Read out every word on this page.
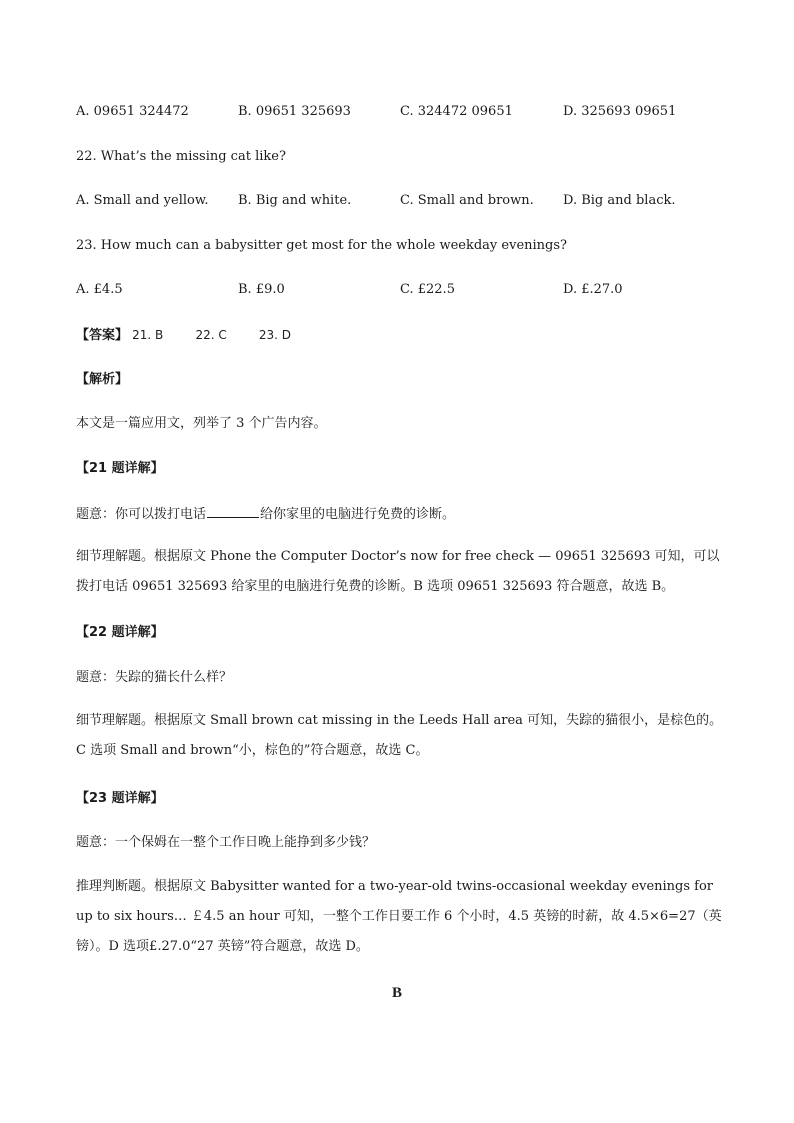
A. 09651 324472	B. 09651 325693	C. 324472 09651	D. 325693 09651
22. What’s the missing cat like?
A. Small and yellow. B. Big and white.	C. Small and brown. D. Big and black.
23. How much can a babysitter get most for the whole weekday evenings?
A. £4.5	B. £9.0	C. £22.5	D. £.27.0
【答案】 21. B	22. C	23. D
【解析】
本文是一篇应用文，列举了 3 个广告内容。
【21 题详解】
题意：你可以拨打电话	给你家里的电脑进行免费的诊断。
细节理解题。根据原文 Phone the Computer Doctor’s now for free check — 09651 325693 可知，可以拨打电话 09651 325693 给家里的电脑进行免费的诊断。B 选项 09651 325693 符合题意，故选 B。
【22 题详解】
题意：失踪的猫长什么样？
细节理解题。根据原文 Small brown cat missing in the Leeds Hall area 可知，失踪的猫很小，是棕色的。C 选项 Small and brown“小，棕色的”符合题意，故选 C。
【23 题详解】
题意：一个保姆在一整个工作日晚上能挣到多少钱？
推理判断题。根据原文 Babysitter wanted for a two-year-old twins-occasional weekday evenings for up to six hours… ￡4.5 an hour 可知，一整个工作日要工作 6 个小时，4.5 英镑的时薪，故 4.5×6=27（英镑）。D 选项£.27.0“27 英镑”符合题意，故选 D。
B
